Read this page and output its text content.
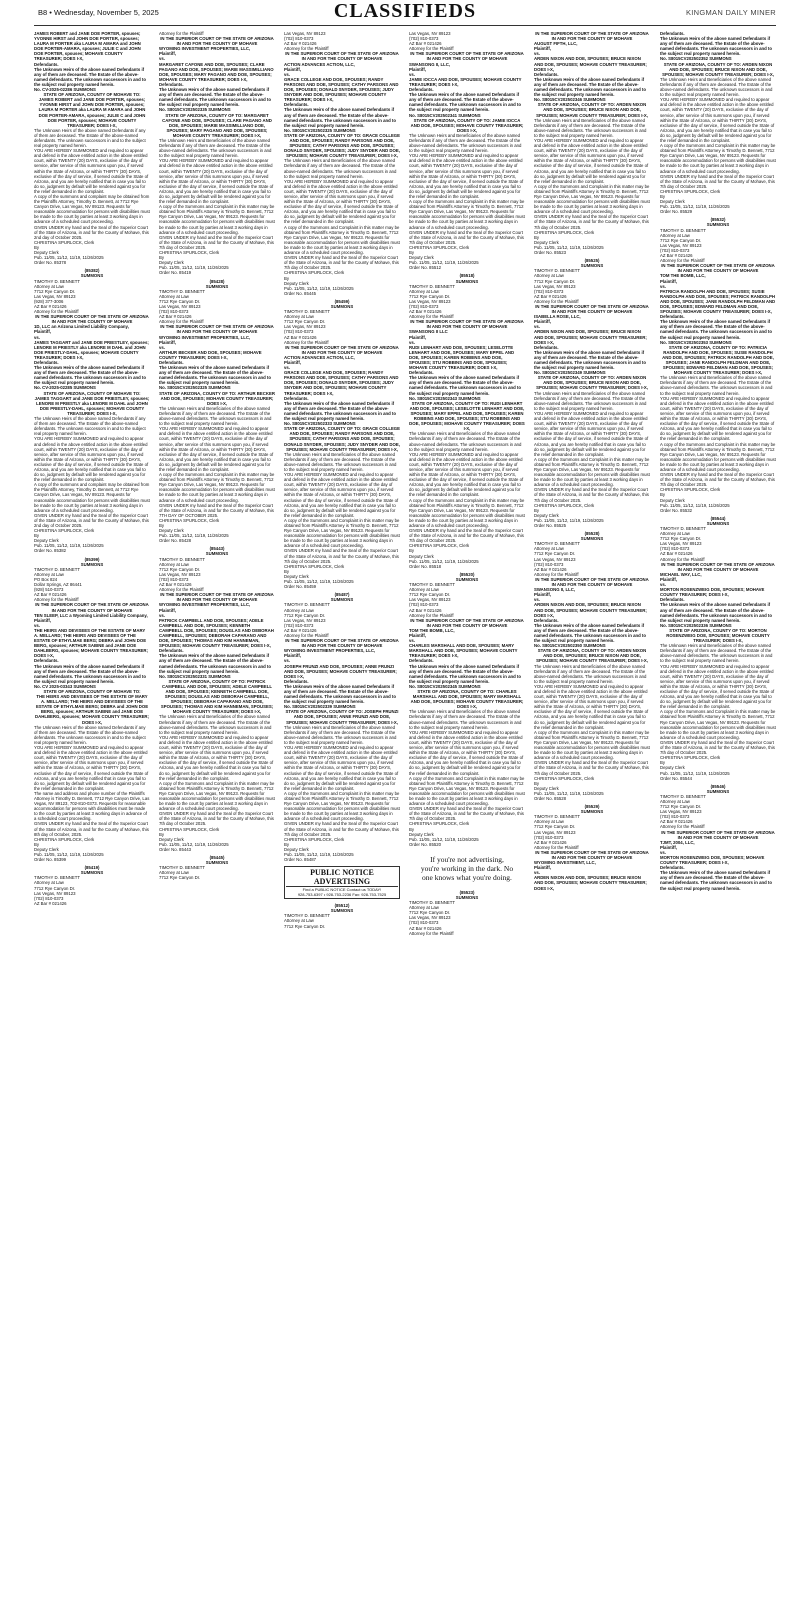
B8 • Wednesday, November 5, 2025	CLASSIFIEDS	KINGMAN DAILY MINER
JAMES ROBERT and JANE DOE PORTER, spouses; YVONNE HIRST and JOHN DOE PORTER, spouses; LAURA M PORTER aka LAURA M AMARA and JOHN DOE PORTER-AMARA, spouses; JULIE C and JOHN DOE PORTER, spouses; MOHAVE COUNTY TREASURER; DOES I-X,
Defendants.
The Unknown Heirs of the above named Defendants if any of them are deceased. The Estate of the above-named defendants. The unknown successors in and to the subject real property named herein.
No. CV-2025-02286 SUMMONS
STATE OF ARIZONA, COUNTY OF MOHAVE TO:
JAMES ROBERT and JANE DOE PORTER, spouses; YVONNE HIRST and JOHN DOE PORTER, spouses; LAURA M PORTER aka LAURA M AMARA and JOHN DOE PORTER-AMARA, spouses; JULIE C and JOHN DOE PORTER, spouses; MOHAVE COUNTY TREASURER; DOES I-X,
The Unknown Heirs of the above named Defendants if any of them are deceased. The Estate of the above-named defendants. The unknown successors in and to the subject real property named herein.
YOU ARE HEREBY SUMMONED and required to appear and defend in the above entitled action in the above entitled court, within TWENTY (20) DAYS, exclusive of the day of service, after service of this summons upon you, if served within the State of Arizona, or within THIRTY (30) DAYS, exclusive of the day of service, if served outside the State of Arizona, and you are hereby notified that in case you fail to do so, judgment by default will be rendered against you for the relief demanded in the complaint.
A copy of the summons and complaint may be obtained from the Plaintiffs Attorney, Timothy D. Bennett, at 7712 Rye Canyon Drive, Las Vegas, NV 89123. Requests for reasonable accommodation for persons with disabilities must be made to the court by parties at least 3 working days in advance of a scheduled court proceeding.
GIVEN UNDER my hand and the Seal of the Superior Court of the State of Arizona, in and for the County of Mohave, this 2nd day of October 2025.
CHRISTINA SPURLOCK, Clerk
By
Deputy Clerk
Pub. 11/05, 11/12, 11/19, 11/26/2025
Order No. 85378
(85382)
SUMMONS
TIMOTHY D. BENNETT
Attorney at Law
7712 Rye Canyon Dr.
Las Vegas, NV 89123
(928) 377-3006
AZ Bar # 021426
Attorney for the Plaintiff
IN THE SUPERIOR COURT OF THE STATE OF ARIZONA
IN AND FOR THE COUNTY OF MOHAVE
1D, LLC an Arizona Limited Liability Company,
Plaintiff,
vs.
JAMES TAGGART and JANE DOE PRIESTLEY, spouses; LENORE M PRIESTLY aka LENORE M DAHL and JOHN DOE PRIESTLY-DAHL, spouses; MOHAVE COUNTY TREASURER; DOES I-X,
Defendants.
The Unknown Heirs of the above named Defendants if any of them are deceased. The Estate of the above-named defendants. The unknown successors in and to the subject real property named herein.
No. CV-2025-02285 SUMMONS
STATE OF ARIZONA, COUNTY OF MOHAVE TO:
JAMES TAGGART and JANE DOE PRIESTLEY, spouses; LENORE M PRIESTLY aka LENORE M DAHL and JOHN DOE PRIESTLY-DAHL, spouses; MOHAVE COUNTY TREASURER; DOES I-X,
The Unknown Heirs of the above named Defendants if any of them are deceased. The Estate of the above-named defendants. The unknown successors in and to the subject real property named herein.
YOU ARE HEREBY SUMMONED and required to appear and defend in the above entitled action in the above entitled court, within TWENTY (20) DAYS, exclusive of the day of service, after service of this summons upon you, if served within the State of Arizona, or within THIRTY (30) DAYS, exclusive of the day of service, if served outside the State of Arizona, and you are hereby notified that in case you fail to do so, judgment by default will be rendered against you for the relief demanded in the complaint.
A copy of the summons and complaint may be obtained from the Plaintiffs Attorney, Timothy D. Bennett, at 7712 Rye Canyon Drive, Las Vegas, NV 89123. Requests for reasonable accommodation for persons with disabilities must be made to the court by parties at least 3 working days in advance of a scheduled court proceeding.
GIVEN UNDER my hand and the Seal of the Superior Court of the State of Arizona, in and for the County of Mohave, this 2nd day of October 2025.
CHRISTINA SPURLOCK, Clerk
By
Deputy Clerk
Pub. 11/05, 11/12, 11/19, 11/26/2025
Order No. 85382
(85399)
SUMMONS
TIMOTHY D. BENNETT
Attorney at Law
PO Box 824
Dollar Springs, AZ 86441
(928) 510-0373
AZ Bar # 021426
Attorney for the Plaintiff
IN THE SUPERIOR COURT OF THE STATE OF ARIZONA
IN AND FOR THE COUNTY OF MOHAVE
TEN SLEEP, LLC a Wyoming Limited Liability Company,
Plaintiff,
vs.
THE HEIRS AND DEVISEES OF THE ESTATE OF MARY A. MELLARD; THE HEIRS AND DEVISEES OF THE ESTATE OF ETHYLMAE BERG; DEBRA and JOHN DOE BERG, spouses; ARTHUR SABINE and JANE DOE DAHLBERG, spouses; MOHAVE COUNTY TREASURER; DOES I-X,
Defendants.
The Unknown Heirs of the above named Defendants if any of them are deceased. The Estate of the above-named defendants. The unknown successors in and to the subject real property named herein.
No. CV 2025-03343 SUMMONS
STATE OF ARIZONA, COUNTY OF MOHAVE TO:
THE HEIRS AND DEVISEES OF THE ESTATE OF MARY A. MELLARD; THE HEIRS AND DEVISEES OF THE ESTATE OF ETHYLMAE BERG; DEBRA and JOHN DOE BERG, spouses; ARTHUR SABINE and JANE DOE DAHLBERG, spouses; MOHAVE COUNTY TREASURER; DOES I-X,
The Unknown Heirs of the above named Defendants if any of them are deceased. The Estate of the above-named defendants. The unknown successors in and to the subject real property named herein.
YOU ARE HEREBY SUMMONED and required to appear and defend in the above entitled action in the above entitled court, within TWENTY (20) DAYS, exclusive of the day of service, after service of this summons upon you, if served within the State of Arizona, or within THIRTY (30) DAYS, exclusive of the day of service, if served outside the State of Arizona, and you are hereby notified that in case you fail to do so, judgment by default will be rendered against you for the relief demanded in the complaint.
The name and address and phone number of the Plaintiffs Attorney is Timothy D. Bennett, 7712 Rye Canyon Drive, Las Vegas, NV 89123, 702-810-0373. Requests for reasonable accommodation for persons with disabilities must be made to the court by parties at least 3 working days in advance of a scheduled court proceeding.
GIVEN UNDER my hand and the Seal of the Superior Court of the State of Arizona, in and for the County of Mohave, this 8th day of October, 2025.
CHRISTINA SPURLOCK, Clerk
By
Deputy Clerk
Pub. 11/05, 11/12, 11/19, 11/26/2025
Order No. 85399
(85419)
SUMMONS
TIMOTHY D. BENNETT
Attorney at Law
7712 Rye Canyon Dr.
Las Vegas, NV 89123
(702) 810-0373
AZ Bar # 021426
Attorney for the Plaintiff
IN THE SUPERIOR COURT OF THE STATE OF ARIZONA
IN AND FOR THE COUNTY OF MOHAVE
WYOMING INVESTMENT PROPERTIES, LLC,
Plaintiff,
vs.
MARGARET CAFONE AND DOE, SPOUSES; CLARE PAGANO AND DOE, SPOUSES; MARIE MASSIMILLIANO DOE, SPOUSES; MARY PAGANO AND DOE, SPOUSES; MOHAVE COUNTY TREASURER; DOES I-X,
Defendants.
The Unknown Heirs of the above named Defendants if any of them are deceased. The Estate of the above-named defendants. The unknown successors in and to the subject real property named herein.
No. S8015CV202502335 SUMMONS
STATE OF ARIZONA, COUNTY OF TO: MARGARET CAFONE AND DOE, SPOUSES; CLARE PAGANO AND DOE, SPOUSES; MARIE MASSIMILLIANO DOE, SPOUSES; MARY PAGANO AND DOE, SPOUSES; MOHAVE COUNTY TREASURER; DOES I-X,
The Unknown Heirs and Beneficiaries of the above named Defendants if any of them are deceased. The Estate of the above-named defendants. The unknown successors in and to the subject real property named herein.
YOU ARE HEREBY SUMMONED and required to appear and defend in the above entitled action in the above entitled court, within TWENTY (20) DAYS, exclusive of the day of service, after service of this summons upon you, if served within the State of Arizona, or within THIRTY (30) DAYS, exclusive of the day of service, if served outside the State of Arizona, and you are hereby notified that in case you fail to do so, judgment by default will be rendered against you for the relief demanded in the complaint.
A copy of the Summons and Complaint in this matter may be obtained from Plaintiffs Attorney is Timothy D. Bennett, 7712 Rye Canyon Drive, Las Vegas, NV 89123. Requests for reasonable accommodation for persons with disabilities must be made to the court by parties at least 3 working days in advance of a scheduled court proceeding.
GIVEN UNDER my hand and the Seal of the Superior Court of the State of Arizona, in and for the County of Mohave, this 7th day of October 2025.
CHRISTINA SPURLOCK, Clerk
By
Deputy Clerk
Pub. 11/05, 11/12, 11/19, 11/26/2025
Order No. 85419
(85428)
SUMMONS
TIMOTHY D. BENNETT
Attorney at Law
7712 Rye Canyon Dr.
Las Vegas, NV 89123
(702) 810-0373
AZ Bar # 021426
Attorney for the Plaintiff
IN THE SUPERIOR COURT OF THE STATE OF ARIZONA
IN AND FOR THE COUNTY OF MOHAVE
WYOMING INVESTMENT PROPERTIES, LLC,
Plaintiff,
vs.
ARTHUR BECKER AND DOE, SPOUSES; MOHAVE COUNTY TREASURER; DOES I-X,
Defendants.
The Unknown Heirs of the above named Defendants if any of them are deceased. The Estate of the above-named defendants. The unknown successors in and to the subject real property named herein.
No. S8015CV202502325 SUMMONS
STATE OF ARIZONA, COUNTY OF TO: ARTHUR BECKER AND DOE, SPOUSES; MOHAVE COUNTY TREASURER; DOES I-X,
The Unknown Heirs and Beneficiaries of the above named Defendants if any of them are deceased. The Estate of the above-named defendants. The unknown successors in and to the subject real property named herein.
YOU ARE HEREBY SUMMONED and required to appear and defend in the above entitled action in the above entitled court, within TWENTY (20) DAYS, exclusive of the day of service, after service of this summons upon you, if served within the State of Arizona, or within THIRTY (30) DAYS, exclusive of the day of service, if served outside the State of Arizona, and you are hereby notified that in case you fail to do so, judgment by default will be rendered against you for the relief demanded in the complaint.
A copy of the Summons and Complaint in this matter may be obtained from Plaintiffs Attorney is Timothy D. Bennett, 7712 Rye Canyon Drive, Las Vegas, NV 89123. Requests for reasonable accommodation for persons with disabilities must be made to the court by parties at least 3 working days in advance of a scheduled court proceeding.
GIVEN UNDER my hand and the Seal of the Superior Court of the State of Arizona, in and for the County of Mohave, this 7TH DAY OF OCTOBER 2025.
CHRISTINA SPURLOCK, Clerk
By
Deputy Clerk
Pub. 11/05, 11/12, 11/19, 11/26/2025
Order No. 85428
(85443)
SUMMONS
TIMOTHY D. BENNETT
Attorney at Law
7712 Rye Canyon Dr.
Las Vegas, NV 89123
(702) 810-0373
AZ Bar # 021426
Attorney for the Plaintiff
IN THE SUPERIOR COURT OF THE STATE OF ARIZONA
IN AND FOR THE COUNTY OF MOHAVE
WYOMING INVESTMENT PROPERTIES, LLC,
Plaintiff,
vs.
PATRICK CAMPBELL AND DOE, SPOUSES; ADELE CAMPBELL AND DOE, SPOUSES; KENNETH CAMPBELL DOE, SPOUSES; DOUGLAS AND DEBORAH CAMPBELL, SPOUSES; DEBORAH CAPARANO AND DOE, SPOUSES; THOMAS AND KIM HANNEMAN, SPOUSES; MOHAVE COUNTY TREASURER; DOES I-X,
Defendants.
The Unknown Heirs of the above named Defendants if any of them are deceased. The Estate of the above-named defendants. The unknown successors in and to the subject real property named herein.
No. S8015CV202502331 SUMMONS
STATE OF ARIZONA, COUNTY OF TO: PATRICK CAMPBELL AND DOE, SPOUSES; ADELE CAMPBELL AND DOE, SPOUSES; KENNETH CAMPBELL DOE, SPOUSES; DOUGLAS AND DEBORAH CAMPBELL, SPOUSES; DEBORAH CAPARANO AND DOE, SPOUSES; THOMAS AND KIM HANNEMAN, SPOUSES; MOHAVE COUNTY TREASURER; DOES I-X,
The Unknown Heirs and Beneficiaries of the above named Defendants if any of them are deceased. The Estate of the above-named defendants. The unknown successors in and to the subject real property named herein.
YOU ARE HEREBY SUMMONED and required to appear and defend in the above entitled action in the above entitled court, within TWENTY (20) DAYS, exclusive of the day of service, after service of this summons upon you, if served within the State of Arizona, or within THIRTY (30) DAYS, exclusive of the day of service, if served outside the State of Arizona, and you are hereby notified that in case you fail to do so, judgment by default will be rendered against you for the relief demanded in the complaint.
A copy of the Summons and Complaint in this matter may be obtained from Plaintiffs Attorney is Timothy D. Bennett, 7712 Rye Canyon Drive, Las Vegas, NV 89123. Requests for reasonable accommodation for persons with disabilities must be made to the court by parties at least 3 working days in advance of a scheduled court proceeding.
GIVEN UNDER my hand and the Seal of the Superior Court of the State of Arizona, in and for the County of Mohave, this 7th day of October 2025.
CHRISTINA SPURLOCK, Clerk
By
Deputy Clerk
Pub. 11/05, 11/12, 11/19, 11/26/2025
Order No. 85443
(85445)
SUMMONS
TIMOTHY D. BENNETT
Attorney at Law
7712 Rye Canyon Dr.
Las Vegas, NV 89123
(702) 810-0373
AZ Bar # 021426
Attorney for the Plaintiff
IN THE SUPERIOR COURT OF THE STATE OF ARIZONA
IN AND FOR THE COUNTY OF MOHAVE
ACTION ADVANCES ACTION, LLC,
Plaintiff,
vs.
GRACE COLLEGE AND DOE, SPOUSES; RANDY PARSONS AND DOE, SPOUSES; CATHY PARSONS AND DOE, SPOUSES; DONALD SNYDER, SPOUSES; JUDY SNYDER AND DOE, SPOUSES; MOHAVE COUNTY TREASURER; DOES I-X,
Defendants.
The Unknown Heirs of the above named Defendants if any of them are deceased. The Estate of the above-named defendants. The unknown successors in and to the subject real property named herein.
No. S8015CV202502325 SUMMONS
STATE OF ARIZONA, COUNTY OF TO: GRACE COLLEGE AND DOE, SPOUSES; RANDY PARSONS AND DOE, SPOUSES; CATHY PARSONS AND DOE, SPOUSES; DONALD SNYDER, SPOUSES; JUDY SNYDER AND DOE, SPOUSES; MOHAVE COUNTY TREASURER; DOES I-X,
The Unknown Heirs and Beneficiaries of the above named Defendants if any of them are deceased. The Estate of the above-named defendants. The unknown successors in and to the subject real property named herein.
YOU ARE HEREBY SUMMONED and required to appear and defend in the above entitled action in the above entitled court, within TWENTY (20) DAYS, exclusive of the day of service, after service of this summons upon you, if served within the State of Arizona, or within THIRTY (30) DAYS, exclusive of the day of service, if served outside the State of Arizona, and you are hereby notified that in case you fail to do so, judgment by default will be rendered against you for the relief demanded in the complaint.
A copy of the Summons and Complaint in this matter may be obtained from Plaintiffs Attorney is Timothy D. Bennett, 7712 Rye Canyon Drive, Las Vegas, NV 89123. Requests for reasonable accommodation for persons with disabilities must be made to the court by parties at least 3 working days in advance of a scheduled court proceeding.
GIVEN UNDER my hand and the Seal of the Superior Court of the State of Arizona, in and for the County of Mohave, this 7th day of October 2025.
CHRISTINA SPURLOCK, Clerk
By
Deputy Clerk
Pub. 11/05, 11/12, 11/19, 11/26/2025
Order No. 85445
(85459)
SUMMONS
TIMOTHY D. BENNETT
Attorney at Law
7712 Rye Canyon Dr.
Las Vegas, NV 89123
(702) 810-0373
AZ Bar # 021426
Attorney for the Plaintiff
IN THE SUPERIOR COURT OF THE STATE OF ARIZONA
IN AND FOR THE COUNTY OF MOHAVE
ACTION ADVANCES ACTION, LLC,
Plaintiff,
vs.
GRACE COLLEGE AND DOE, SPOUSES; RANDY PARSONS AND DOE, SPOUSES; CATHY PARSONS AND DOE, SPOUSES; DONALD SNYDER, SPOUSES; JUDY SNYDER AND DOE, SPOUSES; MOHAVE COUNTY TREASURER; DOES I-X,
Defendants.
The Unknown Heirs of the above named Defendants if any of them are deceased. The Estate of the above-named defendants. The unknown successors in and to the subject real property named herein.
No. S8015CV202502333 SUMMONS
STATE OF ARIZONA, COUNTY OF TO: GRACE COLLEGE AND DOE, SPOUSES; RANDY PARSONS AND DOE, SPOUSES; CATHY PARSONS AND DOE, SPOUSES; DONALD SNYDER, SPOUSES; JUDY SNYDER AND DOE, SPOUSES; MOHAVE COUNTY TREASURER; DOES I-X,
The Unknown Heirs and Beneficiaries of the above named Defendants if any of them are deceased. The Estate of the above-named defendants. The unknown successors in and to the subject real property named herein.
YOU ARE HEREBY SUMMONED and required to appear and defend in the above entitled action in the above entitled court, within TWENTY (20) DAYS, exclusive of the day of service, after service of this summons upon you, if served within the State of Arizona, or within THIRTY (30) DAYS, exclusive of the day of service, if served outside the State of Arizona, and you are hereby notified that in case you fail to do so, judgment by default will be rendered against you for the relief demanded in the complaint.
A copy of the Summons and Complaint in this matter may be obtained from Plaintiffs Attorney is Timothy D. Bennett, 7712 Rye Canyon Drive, Las Vegas, NV 89123. Requests for reasonable accommodation for persons with disabilities must be made to the court by parties at least 3 working days in advance of a scheduled court proceeding.
GIVEN UNDER my hand and the Seal of the Superior Court of the State of Arizona, in and for the County of Mohave, this 7th day of October 2025.
CHRISTINA SPURLOCK, Clerk
By
Deputy Clerk
Pub. 11/05, 11/12, 11/19, 11/26/2025
Order No. 85459
(85487)
SUMMONS
TIMOTHY D. BENNETT
Attorney at Law
7712 Rye Canyon Dr.
Las Vegas, NV 89123
(702) 810-0373
AZ Bar # 021426
Attorney for the Plaintiff
IN THE SUPERIOR COURT OF THE STATE OF ARIZONA
IN AND FOR THE COUNTY OF MOHAVE
WYOMING INVESTMENT PROPERTIES, LLC,
Plaintiff,
vs.
JOSEPH FRUNZI AND DOE, SPOUSES; ANNE FRUNZI AND DOE, SPOUSES; MOHAVE COUNTY TREASURER; DOES I-X,
Defendants.
The Unknown Heirs of the above named Defendants if any of them are deceased. The Estate of the above-named defendants. The unknown successors in and to the subject real property named herein.
No. S8015CV202502339 SUMMONS
STATE OF ARIZONA, COUNTY OF TO: JOSEPH FRUNZI AND DOE, SPOUSES; ANNE FRUNZI AND DOE, SPOUSES; MOHAVE COUNTY TREASURER; DOES I-X,
The Unknown Heirs and Beneficiaries of the above named Defendants if any of them are deceased. The Estate of the above-named defendants. The unknown successors in and to the subject real property named herein.
YOU ARE HEREBY SUMMONED and required to appear and defend in the above entitled action in the above entitled court, within TWENTY (20) DAYS, exclusive of the day of service, after service of this summons upon you, if served within the State of Arizona, or within THIRTY (30) DAYS, exclusive of the day of service, if served outside the State of Arizona, and you are hereby notified that in case you fail to do so, judgment by default will be rendered against you for the relief demanded in the complaint.
A copy of the Summons and Complaint in this matter may be obtained from Plaintiffs Attorney is Timothy D. Bennett, 7712 Rye Canyon Drive, Las Vegas, NV 89123. Requests for reasonable accommodation for persons with disabilities must be made to the court by parties at least 3 working days in advance of a scheduled court proceeding.
GIVEN UNDER my hand and the Seal of the Superior Court of the State of Arizona, in and for the County of Mohave, this 7th day of October 2025.
CHRISTINA SPURLOCK, Clerk
By
Deputy Clerk
Pub. 11/05, 11/12, 11/19, 11/26/2025
Order No. 85487
PUBLIC NOTICE ADVERTISING
Find a PUBLIC NOTICE Contact us TODAY!
928-753-6397 • 928-753-2236 Fax: 928-753-7525
(85512)
SUMMONS
TIMOTHY D. BENNETT
Attorney at Law
7712 Rye Canyon Dr.
Las Vegas, NV 89123
(702) 810-0373
AZ Bar # 021426
Attorney for the Plaintiff
IN THE SUPERIOR COURT OF THE STATE OF ARIZONA
IN AND FOR THE COUNTY OF MOHAVE
SWANSONG II, LLC,
Plaintiff,
vs.
JAMIE IOCCA AND DOE, SPOUSES; MOHAVE COUNTY TREASURER; DOES I-X,
Defendants.
The Unknown Heirs of the above named Defendants if any of them are deceased. The Estate of the above-named defendants. The unknown successors in and to the subject real property named herein.
No. S8015CV202502341 SUMMONS
STATE OF ARIZONA, COUNTY OF TO: JAMIE IOCCA AND DOE, SPOUSES; MOHAVE COUNTY TREASURER; DOES I-X,
The Unknown Heirs and Beneficiaries of the above named Defendants if any of them are deceased. The Estate of the above-named defendants. The unknown successors in and to the subject real property named herein.
YOU ARE HEREBY SUMMONED and required to appear and defend in the above entitled action in the above entitled court, within TWENTY (20) DAYS, exclusive of the day of service, after service of this summons upon you, if served within the State of Arizona, or within THIRTY (30) DAYS, exclusive of the day of service, if served outside the State of Arizona, and you are hereby notified that in case you fail to do so, judgment by default will be rendered against you for the relief demanded in the complaint.
A copy of the Summons and Complaint in this matter may be obtained from Plaintiffs Attorney is Timothy D. Bennett, 7712 Rye Canyon Drive, Las Vegas, NV 89123. Requests for reasonable accommodation for persons with disabilities must be made to the court by parties at least 3 working days in advance of a scheduled court proceeding.
GIVEN UNDER my hand and the Seal of the Superior Court of the State of Arizona, in and for the County of Mohave, this 7th day of October 2025.
CHRISTINA SPURLOCK, Clerk
By
Deputy Clerk
Pub. 11/05, 11/12, 11/19, 11/26/2025
Order No. 85512
(85518)
SUMMONS
TIMOTHY D. BENNETT
Attorney at Law
7712 Rye Canyon Dr.
Las Vegas, NV 89123
(702) 810-0373
AZ Bar # 021426
Attorney for the Plaintiff
IN THE SUPERIOR COURT OF THE STATE OF ARIZONA
IN AND FOR THE COUNTY OF MOHAVE
SWANSONG II LLC
Plaintiff,
vs.
RUDI LENHART AND DOE, SPOUSES; LESELOTTE LENHART AND DOE, SPOUSES; MARY EPPEL AND DOE, SPOUSES; KAREN ROBBINS AND DOE, SPOUSES; STU ROBBINS AND DOE, SPOUSES; MOHAVE COUNTY TREASURER; DOES I-X,
Defendants.
The Unknown Heirs of the above named Defendants if any of them are deceased. The Estate of the above-named defendants. The unknown successors in and to the subject real property named herein.
No. S8015CV202502343 SUMMONS
STATE OF ARIZONA, COUNTY OF TO: RUDI LENHART AND DOE, SPOUSES; LESELOTTE LENHART AND DOE, SPOUSES; MARY EPPEL AND DOE, SPOUSES; KAREN ROBBINS AND DOE, SPOUSES; STU ROBBINS AND DOE, SPOUSES; MOHAVE COUNTY TREASURER; DOES I-X,
The Unknown Heirs and Beneficiaries of the above named Defendants if any of them are deceased. The Estate of the above-named defendants. The unknown successors in and to the subject real property named herein.
YOU ARE HEREBY SUMMONED and required to appear and defend in the above entitled action in the above entitled court, within TWENTY (20) DAYS, exclusive of the day of service, after service of this summons upon you, if served within the State of Arizona, or within THIRTY (30) DAYS, exclusive of the day of service, if served outside the State of Arizona, and you are hereby notified that in case you fail to do so, judgment by default will be rendered against you for the relief demanded in the complaint.
A copy of the Summons and Complaint in this matter may be obtained from Plaintiffs Attorney is Timothy D. Bennett, 7712 Rye Canyon Drive, Las Vegas, NV 89123. Requests for reasonable accommodation for persons with disabilities must be made to the court by parties at least 3 working days in advance of a scheduled court proceeding.
GIVEN UNDER my hand and the Seal of the Superior Court of the State of Arizona, in and for the County of Mohave, this 7th day of October 2025.
CHRISTINA SPURLOCK, Clerk
By
Deputy Clerk
Pub. 11/05, 11/12, 11/19, 11/26/2025
Order No. 85518
(85520)
SUMMONS
TIMOTHY D. BENNETT
Attorney at Law
7712 Rye Canyon Dr.
Las Vegas, NV 89123
(702) 810-0373
AZ Bar # 021426
Attorney for the Plaintiff
IN THE SUPERIOR COURT OF THE STATE OF ARIZONA
IN AND FOR THE COUNTY OF MOHAVE
TOM THE BOMB, LLC,
Plaintiff,
vs.
CHARLES MARSHALL AND DOE, SPOUSES; MARY MARSHALL AND DOE, SPOUSES; MOHAVE COUNTY TREASURER; DOES I-X,
Defendants.
The Unknown Heirs of the above named Defendants if any of them are deceased. The Estate of the above-named defendants. The unknown successors in and to the subject real property named herein.
No. S8015CV202502345 SUMMONS
STATE OF ARIZONA, COUNTY OF TO: CHARLES MARSHALL AND DOE, SPOUSES; MARY MARSHALL AND DOE, SPOUSES; MOHAVE COUNTY TREASURER; DOES I-X,
The Unknown Heirs and Beneficiaries of the above named Defendants if any of them are deceased. The Estate of the above-named defendants. The unknown successors in and to the subject real property named herein.
YOU ARE HEREBY SUMMONED and required to appear and defend in the above entitled action in the above entitled court, within TWENTY (20) DAYS, exclusive of the day of service, after service of this summons upon you, if served within the State of Arizona, or within THIRTY (30) DAYS, exclusive of the day of service, if served outside the State of Arizona, and you are hereby notified that in case you fail to do so, judgment by default will be rendered against you for the relief demanded in the complaint.
A copy of the Summons and Complaint in this matter may be obtained from Plaintiffs Attorney is Timothy D. Bennett, 7712 Rye Canyon Drive, Las Vegas, NV 89123. Requests for reasonable accommodation for persons with disabilities must be made to the court by parties at least 3 working days in advance of a scheduled court proceeding.
GIVEN UNDER my hand and the Seal of the Superior Court of the State of Arizona, in and for the County of Mohave, this 7th day of October 2025.
CHRISTINA SPURLOCK, Clerk
By
Deputy Clerk
Pub. 11/05, 11/12, 11/19, 11/26/2025
Order No. 85520
If you're not advertising,
you're working in the dark. No
one knows what you're doing.
(85523)
SUMMONS
TIMOTHY D. BENNETT
Attorney at Law
7712 Rye Canyon Dr.
Las Vegas, NV 89123
(702) 810-0373
AZ Bar # 021426
Attorney for the Plaintiff
IN THE SUPERIOR COURT OF THE STATE OF ARIZONA
IN AND FOR THE COUNTY OF MOHAVE
AUGUST FIFTH, LLC,
Plaintiff,
vs.
ARDEN NIXON AND DOE, SPOUSES; BRUCE NIXON AND DOE, SPOUSES; MOHAVE COUNTY TREASURER; DOES I-X,
Defendants.
The Unknown Heirs of the above named Defendants if any of them are deceased. The Estate of the above-named defendants. The unknown successors in and to the subject real property named herein.
No. S8015CV202502346 SUMMONS
STATE OF ARIZONA, COUNTY OF TO: ARDEN NIXON AND DOE, SPOUSES; BRUCE NIXON AND DOE, SPOUSES; MOHAVE COUNTY TREASURER; DOES I-X,
The Unknown Heirs and Beneficiaries of the above named Defendants if any of them are deceased. The Estate of the above-named defendants. The unknown successors in and to the subject real property named herein.
YOU ARE HEREBY SUMMONED and required to appear and defend in the above entitled action in the above entitled court, within TWENTY (20) DAYS, exclusive of the day of service, after service of this summons upon you, if served within the State of Arizona, or within THIRTY (30) DAYS, exclusive of the day of service, if served outside the State of Arizona, and you are hereby notified that in case you fail to do so, judgment by default will be rendered against you for the relief demanded in the complaint.
A copy of the Summons and Complaint in this matter may be obtained from Plaintiffs Attorney is Timothy D. Bennett, 7712 Rye Canyon Drive, Las Vegas, NV 89123. Requests for reasonable accommodation for persons with disabilities must be made to the court by parties at least 3 working days in advance of a scheduled court proceeding.
GIVEN UNDER my hand and the Seal of the Superior Court of the State of Arizona, in and for the County of Mohave, this 7th day of October 2025.
CHRISTINA SPURLOCK, Clerk
By
Deputy Clerk
Pub. 11/05, 11/12, 11/19, 11/26/2025
Order No. 85523
(85525)
SUMMONS
TIMOTHY D. BENNETT
Attorney at Law
7712 Rye Canyon Dr.
Las Vegas, NV 89123
(702) 810-0373
AZ Bar # 021426
Attorney for the Plaintiff
IN THE SUPERIOR COURT OF THE STATE OF ARIZONA
IN AND FOR THE COUNTY OF MOHAVE
ISABELLA ROSE, LLC,
Plaintiff,
vs.
ARDEN NIXON AND DOE, SPOUSES; BRUCE NIXON AND DOE, SPOUSES; MOHAVE COUNTY TREASURER; DOES I-X,
Defendants.
The Unknown Heirs of the above named Defendants if any of them are deceased. The Estate of the above-named defendants. The unknown successors in and to the subject real property named herein.
No. S8015CV202502349 SUMMONS
STATE OF ARIZONA, COUNTY OF TO: ARDEN NIXON AND DOE, SPOUSES; BRUCE NIXON AND DOE, SPOUSES; MOHAVE COUNTY TREASURER; DOES I-X,
The Unknown Heirs and Beneficiaries of the above named Defendants if any of them are deceased. The Estate of the above-named defendants. The unknown successors in and to the subject real property named herein.
YOU ARE HEREBY SUMMONED and required to appear and defend in the above entitled action in the above entitled court, within TWENTY (20) DAYS, exclusive of the day of service, after service of this summons upon you, if served within the State of Arizona, or within THIRTY (30) DAYS, exclusive of the day of service, if served outside the State of Arizona, and you are hereby notified that in case you fail to do so, judgment by default will be rendered against you for the relief demanded in the complaint.
A copy of the Summons and Complaint in this matter may be obtained from Plaintiffs Attorney is Timothy D. Bennett, 7712 Rye Canyon Drive, Las Vegas, NV 89123. Requests for reasonable accommodation for persons with disabilities must be made to the court by parties at least 3 working days in advance of a scheduled court proceeding.
GIVEN UNDER my hand and the Seal of the Superior Court of the State of Arizona, in and for the County of Mohave, this 7th day of October 2025.
CHRISTINA SPURLOCK, Clerk
By
Deputy Clerk
Pub. 11/05, 11/12, 11/19, 11/26/2025
Order No. 85525
(85528)
SUMMONS
TIMOTHY D. BENNETT
Attorney at Law
7712 Rye Canyon Dr.
Las Vegas, NV 89123
(702) 810-0373
AZ Bar # 021426
Attorney for the Plaintiff
IN THE SUPERIOR COURT OF THE STATE OF ARIZONA
IN AND FOR THE COUNTY OF MOHAVE
SWANSONG II, LLC,
Plaintiff,
vs.
ARDEN NIXON AND DOE, SPOUSES; BRUCE NIXON AND DOE, SPOUSES; MOHAVE COUNTY TREASURER; DOES I-X,
Defendants.
The Unknown Heirs of the above named Defendants if any of them are deceased. The Estate of the above-named defendants. The unknown successors in and to the subject real property named herein.
No. S8015CV202502350 SUMMONS
STATE OF ARIZONA, COUNTY OF TO: ARDEN NIXON AND DOE, SPOUSES; BRUCE NIXON AND DOE, SPOUSES; MOHAVE COUNTY TREASURER; DOES I-X,
The Unknown Heirs and Beneficiaries of the above named Defendants if any of them are deceased. The Estate of the above-named defendants. The unknown successors in and to the subject real property named herein.
YOU ARE HEREBY SUMMONED and required to appear and defend in the above entitled action in the above entitled court, within TWENTY (20) DAYS, exclusive of the day of service, after service of this summons upon you, if served within the State of Arizona, or within THIRTY (30) DAYS, exclusive of the day of service, if served outside the State of Arizona, and you are hereby notified that in case you fail to do so, judgment by default will be rendered against you for the relief demanded in the complaint.
A copy of the Summons and Complaint in this matter may be obtained from Plaintiffs Attorney is Timothy D. Bennett, 7712 Rye Canyon Drive, Las Vegas, NV 89123. Requests for reasonable accommodation for persons with disabilities must be made to the court by parties at least 3 working days in advance of a scheduled court proceeding.
GIVEN UNDER my hand and the Seal of the Superior Court of the State of Arizona, in and for the County of Mohave, this 7th day of October 2025.
CHRISTINA SPURLOCK, Clerk
By
Deputy Clerk
Pub. 11/05, 11/12, 11/19, 11/26/2025
Order No. 85528
(85529)
SUMMONS
TIMOTHY D. BENNETT
Attorney at Law
7712 Rye Canyon Dr.
Las Vegas, NV 89123
(702) 810-0373
AZ Bar # 021426
Attorney for the Plaintiff
IN THE SUPERIOR COURT OF THE STATE OF ARIZONA
IN AND FOR THE COUNTY OF MOHAVE
WYOMING INVESTMENT, LLC,
Plaintiff,
vs.
ARDEN NIXON AND DOE, SPOUSES; BRUCE NIXON AND DOE, SPOUSES; MOHAVE COUNTY TREASURER; DOES I-X,
Defendants.
The Unknown Heirs of the above named Defendants if any of them are deceased. The Estate of the above-named defendants. The unknown successors in and to the subject real property named herein.
No. S8015CV202502352 SUMMONS
STATE OF ARIZONA, COUNTY OF TO: ARDEN NIXON AND DOE, SPOUSES; BRUCE NIXON AND DOE, SPOUSES; MOHAVE COUNTY TREASURER; DOES I-X,
The Unknown Heirs and Beneficiaries of the above named Defendants if any of them are deceased. The Estate of the above-named defendants. The unknown successors in and to the subject real property named herein.
YOU ARE HEREBY SUMMONED and required to appear and defend in the above entitled action in the above entitled court, within TWENTY (20) DAYS, exclusive of the day of service, after service of this summons upon you, if served within the State of Arizona, or within THIRTY (30) DAYS, exclusive of the day of service, if served outside the State of Arizona, and you are hereby notified that in case you fail to do so, judgment by default will be rendered against you for the relief demanded in the complaint.
A copy of the Summons and Complaint in this matter may be obtained from Plaintiffs Attorney is Timothy D. Bennett, 7712 Rye Canyon Drive, Las Vegas, NV 89123. Requests for reasonable accommodation for persons with disabilities must be made to the court by parties at least 3 working days in advance of a scheduled court proceeding.
GIVEN UNDER my hand and the Seal of the Superior Court of the State of Arizona, in and for the County of Mohave, this 7th day of October 2025.
CHRISTINA SPURLOCK, Clerk
By
Deputy Clerk
Pub. 11/05, 11/12, 11/19, 11/26/2025
Order No. 85529
(85532)
SUMMONS
TIMOTHY D. BENNETT
Attorney at Law
7712 Rye Canyon Dr.
Las Vegas, NV 89123
(702) 810-0373
AZ Bar # 021426
Attorney for the Plaintiff
IN THE SUPERIOR COURT OF THE STATE OF ARIZONA
IN AND FOR THE COUNTY OF MOHAVE
TOM THE BOMB, LLC,
Plaintiff,
vs.
PATRICIA RANDOLPH AND DOE, SPOUSES; SUSIE RANDOLPH AND DOE, SPOUSES; PATRICK RANDOLPH AND DOE, SPOUSES; JANE RANDOLPH FELDMAN AND DOE, SPOUSES; EDWARD FELDMAN AND DOE, SPOUSES; MOHAVE COUNTY TREASURER; DOES I-X,
Defendants.
The Unknown Heirs of the above named Defendants if any of them are deceased. The Estate of the above-named defendants. The unknown successors in and to the subject real property named herein.
No. S8015CV202502353 SUMMONS
STATE OF ARIZONA, COUNTY OF TO: PATRICIA RANDOLPH AND DOE, SPOUSES; SUSIE RANDOLPH AND DOE, SPOUSES; PATRICK RANDOLPH AND DOE, SPOUSES; JANE RANDOLPH FELDMAN AND DOE, SPOUSES; EDWARD FELDMAN AND DOE, SPOUSES; MOHAVE COUNTY TREASURER; DOES I-X,
The Unknown Heirs and Beneficiaries of the above named Defendants if any of them are deceased. The Estate of the above-named defendants. The unknown successors in and to the subject real property named herein.
YOU ARE HEREBY SUMMONED and required to appear and defend in the above entitled action in the above entitled court, within TWENTY (20) DAYS, exclusive of the day of service, after service of this summons upon you, if served within the State of Arizona, or within THIRTY (30) DAYS, exclusive of the day of service, if served outside the State of Arizona, and you are hereby notified that in case you fail to do so, judgment by default will be rendered against you for the relief demanded in the complaint.
A copy of the Summons and Complaint in this matter may be obtained from Plaintiffs Attorney is Timothy D. Bennett, 7712 Rye Canyon Drive, Las Vegas, NV 89123. Requests for reasonable accommodation for persons with disabilities must be made to the court by parties at least 3 working days in advance of a scheduled court proceeding.
GIVEN UNDER my hand and the Seal of the Superior Court of the State of Arizona, in and for the County of Mohave, this 7th day of October 2025.
CHRISTINA SPURLOCK, Clerk
By
Deputy Clerk
Pub. 11/05, 11/12, 11/19, 11/26/2025
Order No. 85532
(85544)
SUMMONS
TIMOTHY D. BENNETT
Attorney at Law
7712 Rye Canyon Dr.
Las Vegas, NV 89123
(702) 810-0373
AZ Bar # 021426
Attorney for the Plaintiff
IN THE SUPERIOR COURT OF THE STATE OF ARIZONA
IN AND FOR THE COUNTY OF MOHAVE
MICHAEL WAY, LLC,
Plaintiff,
vs.
MORTON ROSENZWEIG DOE, SPOUSES; MOHAVE COUNTY TREASURER; DOES I-X,
Defendants.
The Unknown Heirs of the above named Defendants if any of them are deceased. The Estate of the above-named defendants. The unknown successors in and to the subject real property named herein.
No. S8015CV202502336 SUMMONS
STATE OF ARIZONA, COUNTY OF TO: MORTON ROSENZWEIG DOE, SPOUSES; MOHAVE COUNTY TREASURER; DOES I-X,
The Unknown Heirs and Beneficiaries of the above named Defendants if any of them are deceased. The Estate of the above-named defendants. The unknown successors in and to the subject real property named herein.
YOU ARE HEREBY SUMMONED and required to appear and defend in the above entitled action in the above entitled court, within TWENTY (20) DAYS, exclusive of the day of service, after service of this summons upon you, if served within the State of Arizona, or within THIRTY (30) DAYS, exclusive of the day of service, if served outside the State of Arizona, and you are hereby notified that in case you fail to do so, judgment by default will be rendered against you for the relief demanded in the complaint.
A copy of the Summons and Complaint in this matter may be obtained from Plaintiffs Attorney is Timothy D. Bennett, 7712 Rye Canyon Drive, Las Vegas, NV 89123. Requests for reasonable accommodation for persons with disabilities must be made to the court by parties at least 3 working days in advance of a scheduled court proceeding.
GIVEN UNDER my hand and the Seal of the Superior Court of the State of Arizona, in and for the County of Mohave, this 7th day of October 2025.
CHRISTINA SPURLOCK, Clerk
By
Deputy Clerk
Pub. 11/05, 11/12, 11/19, 11/26/2025
Order No. 85544
(85546)
SUMMONS
TIMOTHY D. BENNETT
Attorney at Law
7712 Rye Canyon Dr.
Las Vegas, NV 89123
(702) 810-0373
AZ Bar # 021426
Attorney for the Plaintiff
IN THE SUPERIOR COURT OF THE STATE OF ARIZONA
IN AND FOR THE COUNTY OF MOHAVE
TJMT, 2004, LLC,
Plaintiff,
vs.
MORTON ROSENZWEIG DOE, SPOUSES; MOHAVE COUNTY TREASURER; DOES I-X,
Defendants.
The Unknown Heirs of the above named Defendants if any of them are deceased. The Estate of the above-named defendants. The unknown successors in and to the subject real property named herein.
